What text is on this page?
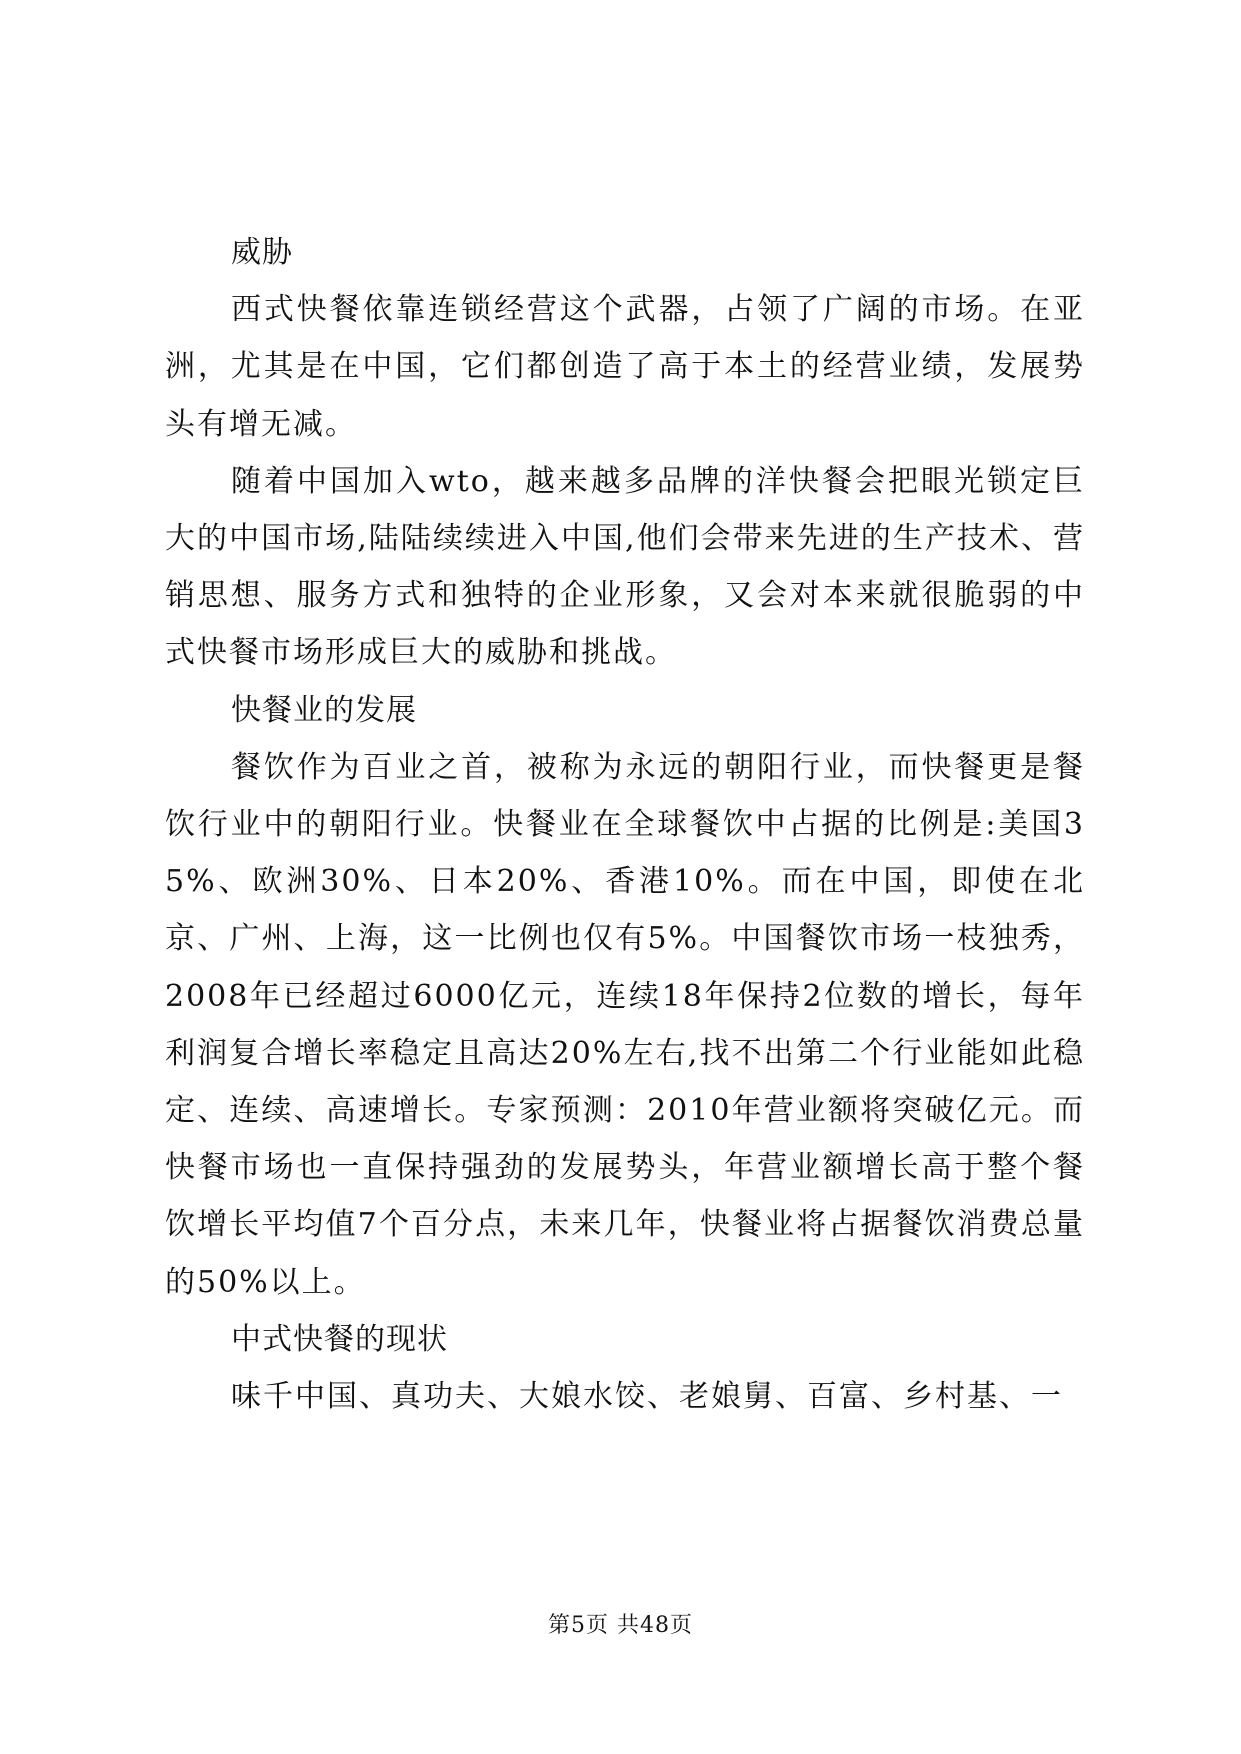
威胁

西式快餐依靠连锁经营这个武器，占领了广阔的市场。在亚洲，尤其是在中国，它们都创造了高于本土的经营业绩，发展势头有增无减。

随着中国加入wto，越来越多品牌的洋快餐会把眼光锁定巨大的中国市场,陆陆续续进入中国,他们会带来先进的生产技术、营销思想、服务方式和独特的企业形象，又会对本来就很脆弱的中式快餐市场形成巨大的威胁和挑战。

快餐业的发展

餐饮作为百业之首，被称为永远的朝阳行业，而快餐更是餐饮行业中的朝阳行业。快餐业在全球餐饮中占据的比例是:美国35%、欧洲30%、日本20%、香港10%。而在中国，即使在北京、广州、上海，这一比例也仅有5%。中国餐饮市场一枝独秀，2008年已经超过6000亿元，连续18年保持2位数的增长，每年利润复合增长率稳定且高达20%左右,找不出第二个行业能如此稳定、连续、高速增长。专家预测：2010年营业额将突破亿元。而快餐市场也一直保持强劲的发展势头，年营业额增长高于整个餐饮增长平均值7个百分点，未来几年，快餐业将占据餐饮消费总量的50%以上。

中式快餐的现状

味千中国、真功夫、大娘水饺、老娘舅、百富、乡村基、一

第5页 共48页
